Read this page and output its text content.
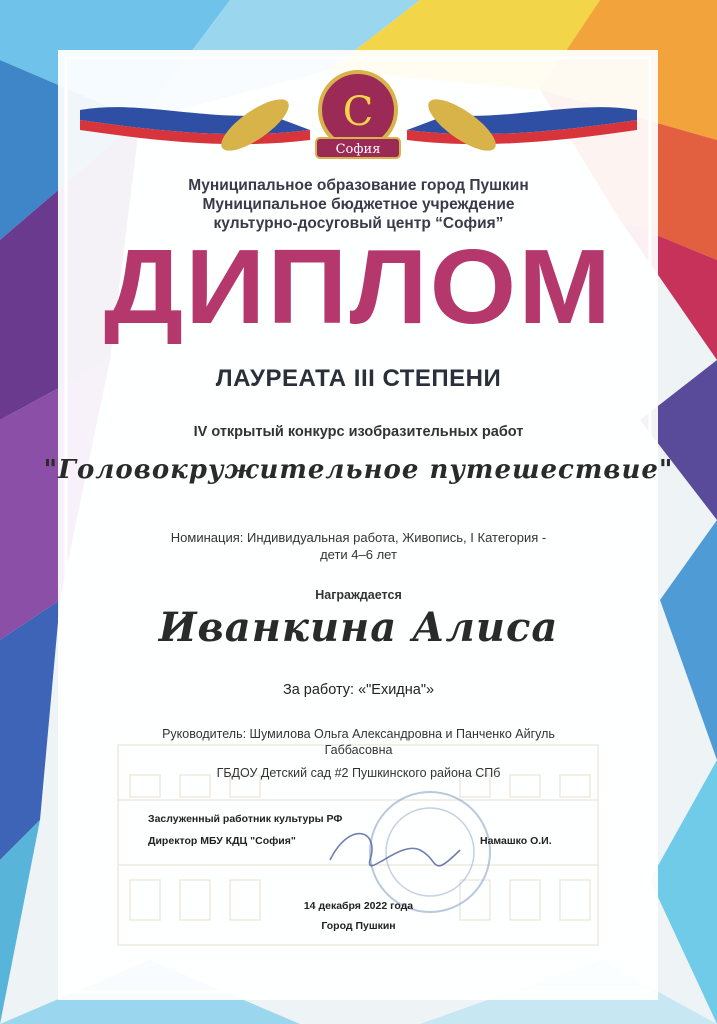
С
София
Муниципальное образование город Пушкин
Муниципальное бюджетное учреждение
культурно-досуговый центр “София”
ДИПЛОМ
ЛАУРЕАТА III СТЕПЕНИ
IV открытый конкурс изобразительных работ
"Головокружительное путешествие"
Номинация: Индивидуальная работа, Живопись, I Категория -
дети 4–6 лет
Награждается
Иванкина Алиса
За работу: «"Ехидна"»
Руководитель: Шумилова Ольга Александровна и Панченко Айгуль
Габбасовна
ГБДОУ Детский сад #2 Пушкинского района СПб
Заслуженный работник культуры РФ
Директор МБУ КДЦ "София"	Намашко О.И.
14 декабря 2022 года
Город Пушкин
